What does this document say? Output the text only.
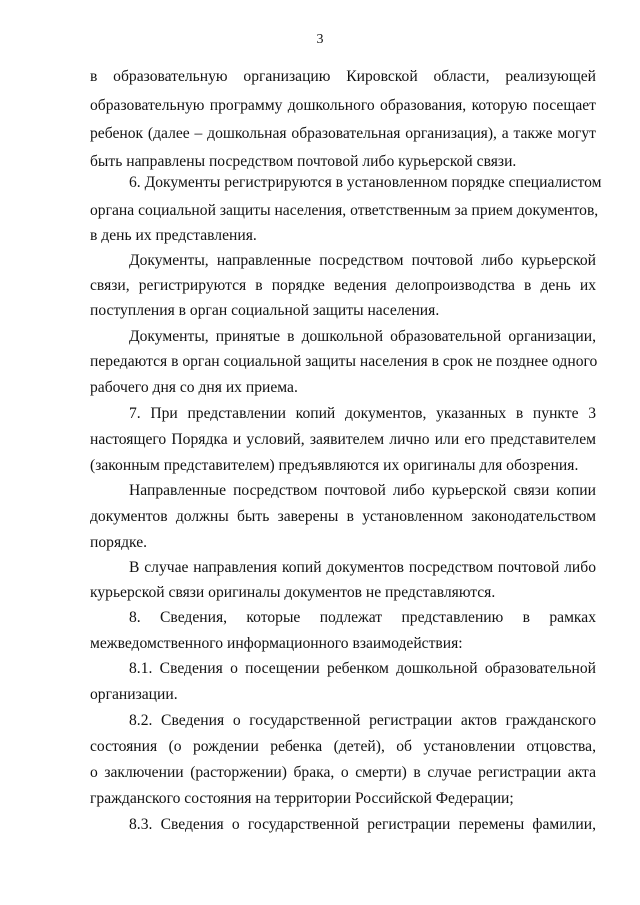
3
в образовательную организацию Кировской области, реализующей
образовательную программу дошкольного образования, которую посещает
ребенок (далее – дошкольная образовательная организация), а также могут
быть направлены посредством почтовой либо курьерской связи.
6. Документы регистрируются в установленном порядке специалистом
органа социальной защиты населения, ответственным за прием документов,
в день их представления.
Документы, направленные посредством почтовой либо курьерской
связи, регистрируются в порядке ведения делопроизводства в день их
поступления в орган социальной защиты населения.
Документы, принятые в дошкольной образовательной организации,
передаются в орган социальной защиты населения в срок не позднее одного
рабочего дня со дня их приема.
7. При представлении копий документов, указанных в пункте 3
настоящего Порядка и условий, заявителем лично или его представителем
(законным представителем) предъявляются их оригиналы для обозрения.
Направленные посредством почтовой либо курьерской связи копии
документов должны быть заверены в установленном законодательством
порядке.
В случае направления копий документов посредством почтовой либо
курьерской связи оригиналы документов не представляются.
8. Сведения, которые подлежат представлению в рамках
межведомственного информационного взаимодействия:
8.1. Сведения о посещении ребенком дошкольной образовательной
организации.
8.2. Сведения о государственной регистрации актов гражданского
состояния (о рождении ребенка (детей), об установлении отцовства,
о заключении (расторжении) брака, о смерти) в случае регистрации акта
гражданского состояния на территории Российской Федерации;
8.3. Сведения о государственной регистрации перемены фамилии,
